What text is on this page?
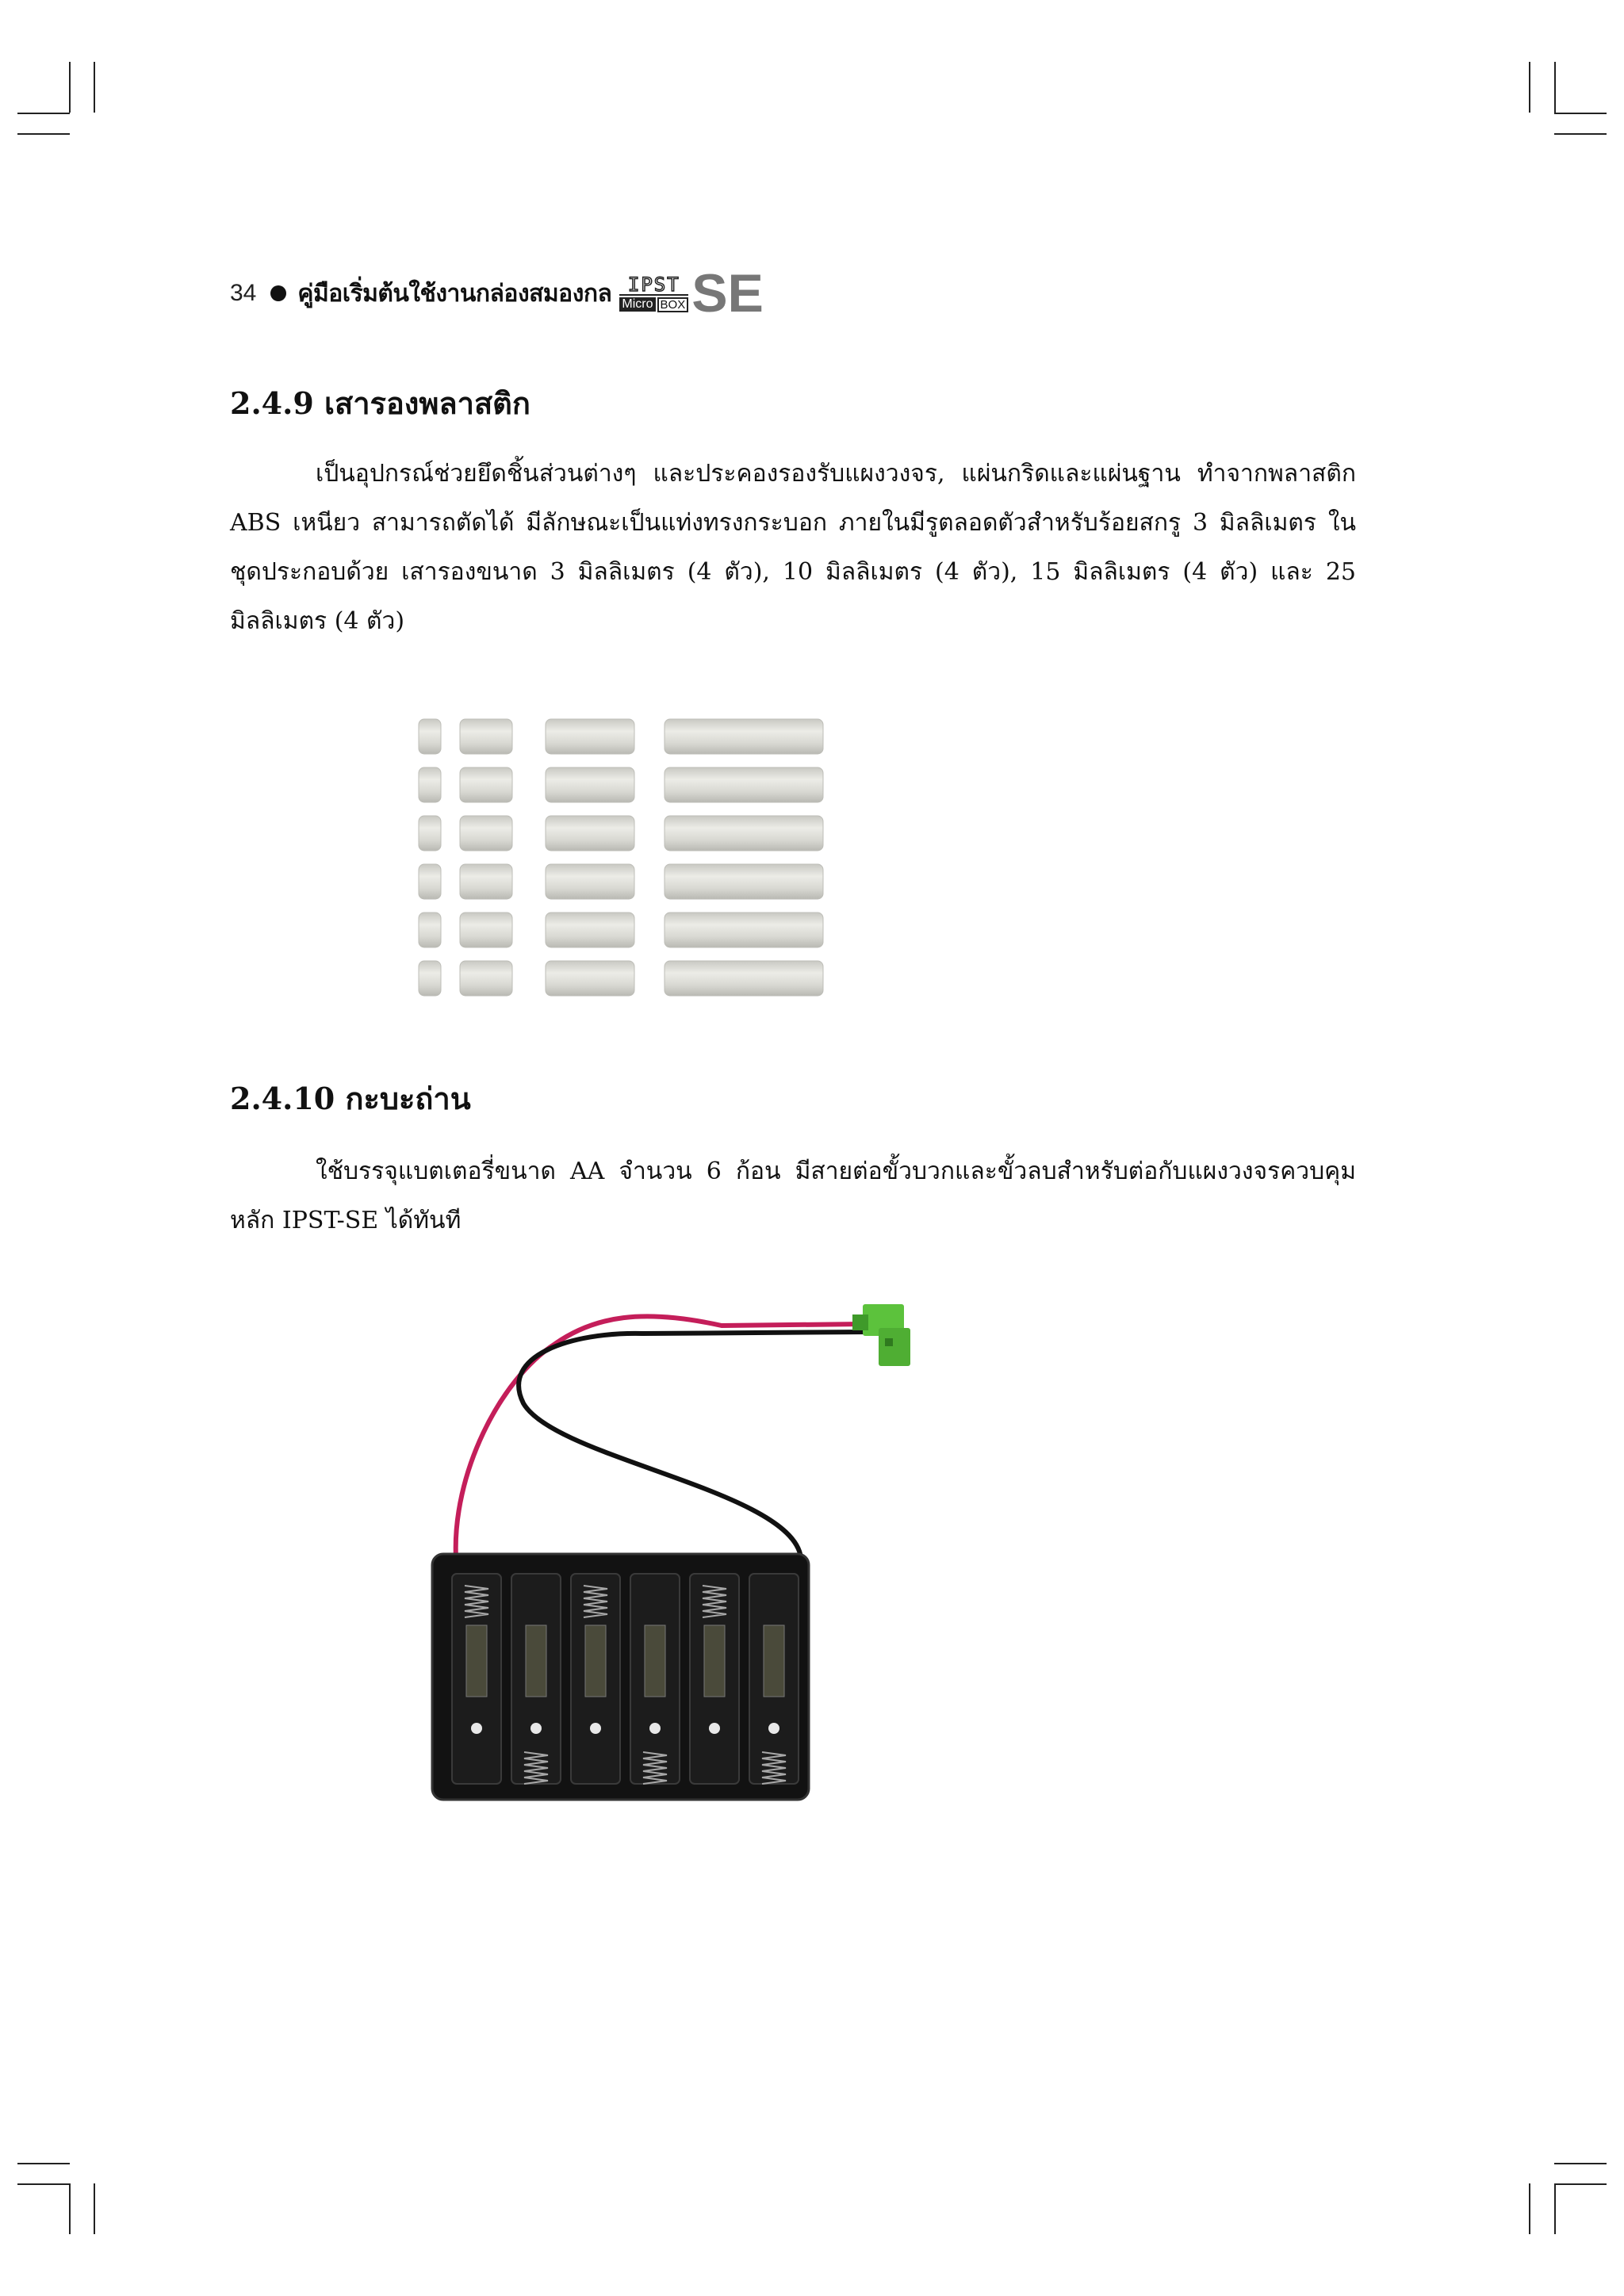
34 คู่มือเริ่มต้นใช้งานกล่องสมองกล IPST
Micro BOX SE
2.4.9 เสารองพลาสติก

เป็นอุปกรณ์ช่วยยึดชิ้นส่วนต่างๆ และประคองรองรับแผงวงจร, แผ่นกริดและแผ่นฐาน ทำจากพลาสติก ABS เหนียว สามารถตัดได้ มีลักษณะเป็นแท่งทรงกระบอก ภายในมีรูตลอดตัวสำหรับร้อยสกรู 3 มิลลิเมตร ในชุดประกอบด้วย เสารองขนาด 3 มิลลิเมตร (4 ตัว), 10 มิลลิเมตร (4 ตัว), 15 มิลลิเมตร (4 ตัว) และ 25 มิลลิเมตร (4 ตัว)

2.4.10 กะบะถ่าน

ใช้บรรจุแบตเตอรี่ขนาด AA จำนวน 6 ก้อน มีสายต่อขั้วบวกและขั้วลบสำหรับต่อกับแผงวงจรควบคุมหลัก IPST-SE ได้ทันที
